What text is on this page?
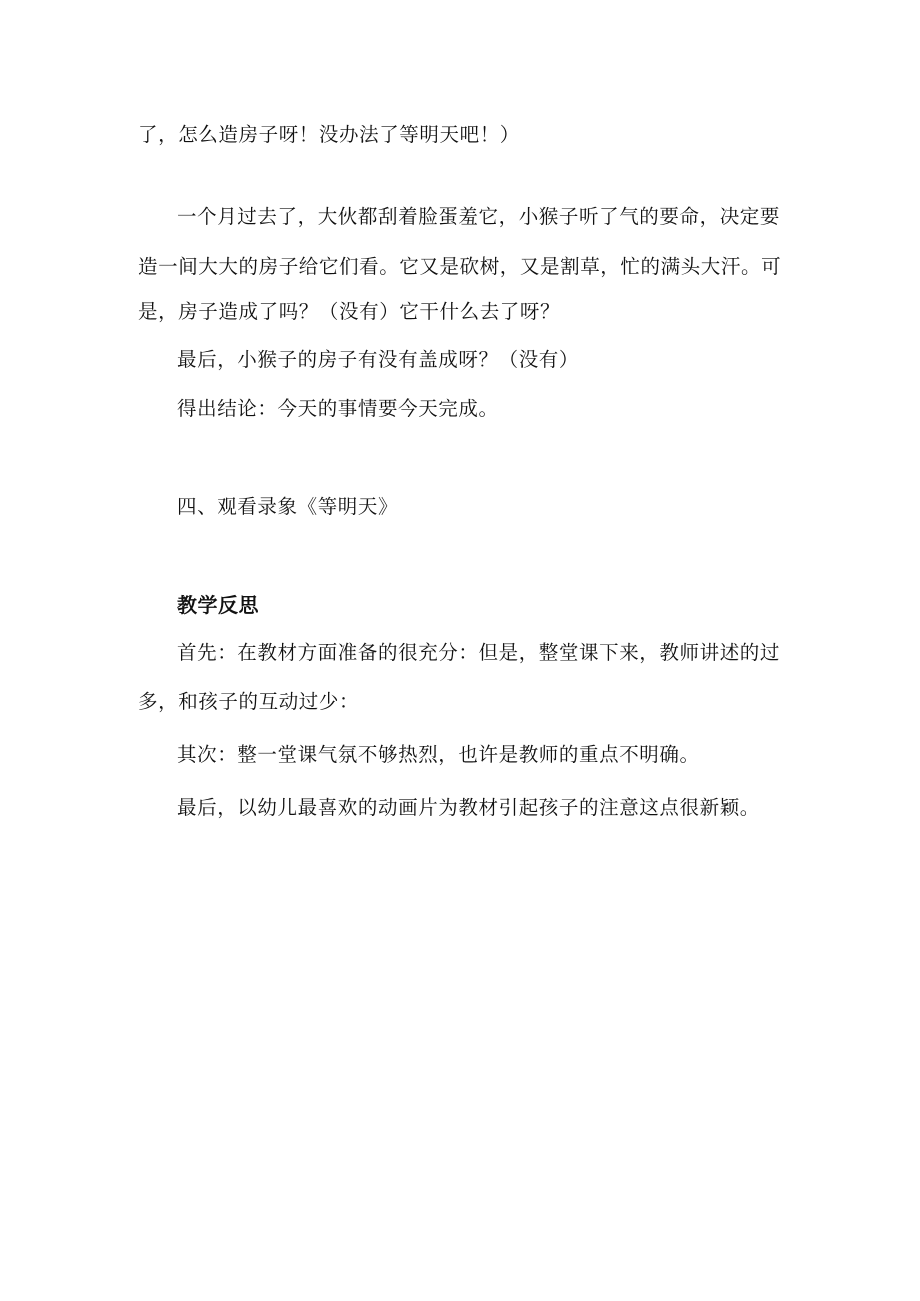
了，怎么造房子呀！没办法了等明天吧！）
一个月过去了，大伙都刮着脸蛋羞它，小猴子听了气的要命，决定要
造一间大大的房子给它们看。它又是砍树，又是割草，忙的满头大汗。可
是，房子造成了吗？（没有）它干什么去了呀？
最后，小猴子的房子有没有盖成呀？（没有）
得出结论：今天的事情要今天完成。
四、观看录象《等明天》
教学反思
首先：在教材方面准备的很充分：但是，整堂课下来，教师讲述的过
多，和孩子的互动过少：
其次：整一堂课气氛不够热烈，也许是教师的重点不明确。
最后，以幼儿最喜欢的动画片为教材引起孩子的注意这点很新颖。
